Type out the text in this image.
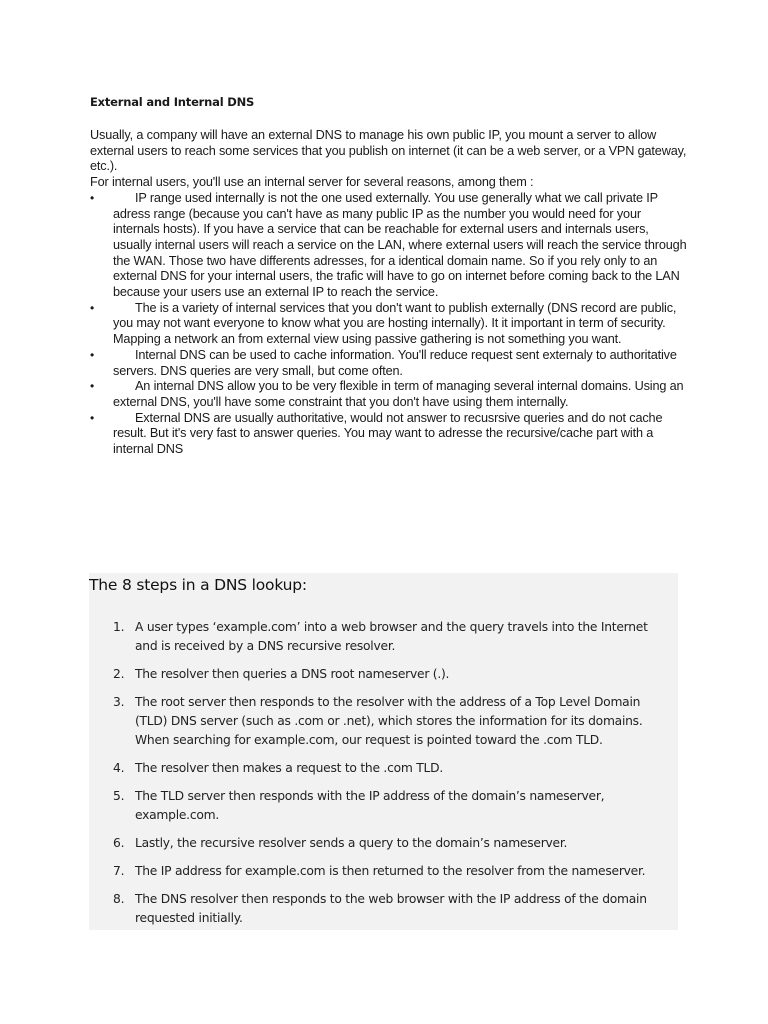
External and Internal DNS

Usually, a company will have an external DNS to manage his own public IP, you mount a server to allow external users to reach some services that you publish on internet (it can be a web server, or a VPN gateway, etc.).

For internal users, you'll use an internal server for several reasons, among them :

•	IP range used internally is not the one used externally. You use generally what we call private IP adress range (because you can't have as many public IP as the number you would need for your internals hosts). If you have a service that can be reachable for external users and internals users, usually internal users will reach a service on the LAN, where external users will reach the service through the WAN. Those two have differents adresses, for a identical domain name. So if you rely only to an external DNS for your internal users, the trafic will have to go on internet before coming back to the LAN because your users use an external IP to reach the service.
•	The is a variety of internal services that you don't want to publish externally (DNS record are public, you may not want everyone to know what you are hosting internally). It it important in term of security. Mapping a network an from external view using passive gathering is not something you want.
•	Internal DNS can be used to cache information. You'll reduce request sent externaly to authoritative servers. DNS queries are very small, but come often.
•	An internal DNS allow you to be very flexible in term of managing several internal domains. Using an external DNS, you'll have some constraint that you don't have using them internally.
•	External DNS are usually authoritative, would not answer to recusrsive queries and do not cache result. But it's very fast to answer queries. You may want to adresse the recursive/cache part with a internal DNS
The 8 steps in a DNS lookup:
1. A user types ‘example.com’ into a web browser and the query travels into the Internet and is received by a DNS recursive resolver.
2. The resolver then queries a DNS root nameserver (.).
3. The root server then responds to the resolver with the address of a Top Level Domain (TLD) DNS server (such as .com or .net), which stores the information for its domains. When searching for example.com, our request is pointed toward the .com TLD.
4. The resolver then makes a request to the .com TLD.
5. The TLD server then responds with the IP address of the domain’s nameserver, example.com.
6. Lastly, the recursive resolver sends a query to the domain’s nameserver.
7. The IP address for example.com is then returned to the resolver from the nameserver.
8. The DNS resolver then responds to the web browser with the IP address of the domain requested initially.
